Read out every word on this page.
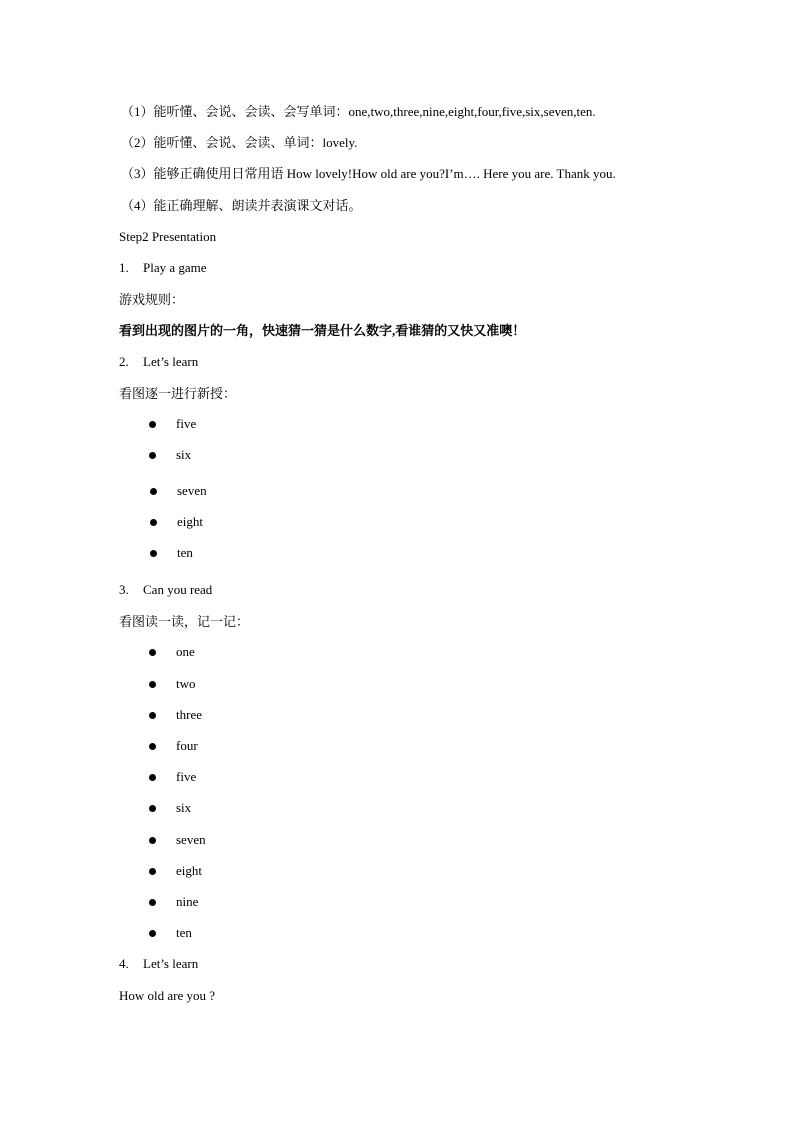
（1）能听懂、会说、会读、会写单词：one,two,three,nine,eight,four,five,six,seven,ten.
（2）能听懂、会说、会读、单词：lovely.
（3）能够正确使用日常用语 How lovely!How old are you?I’m…. Here you are. Thank you.
（4）能正确理解、朗读并表演课文对话。
Step2 Presentation
1. Play a game
游戏规则：
看到出现的图片的一角，快速猜一猜是什么数字,看谁猜的又快又准噢！
2. Let’s learn
看图逐一进行新授：
five
six
seven
eight
ten
3. Can you read
看图读一读，记一记：
one
two
three
four
five
six
seven
eight
nine
ten
4. Let’s learn
How old are you ?
